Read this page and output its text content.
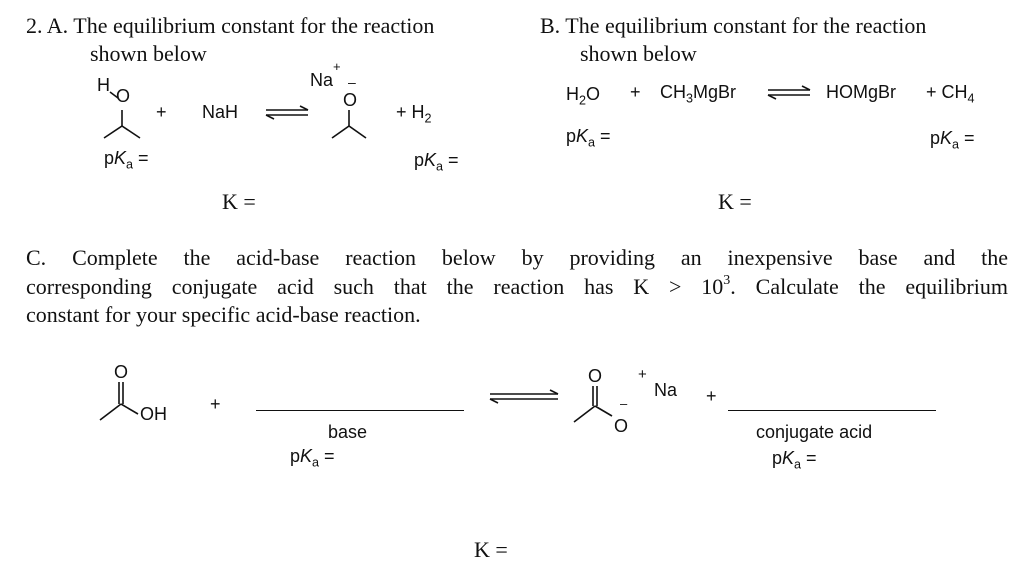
2. A. The equilibrium constant for the reaction
shown below
H
O
+ NaH
Na+
–
O
+ $H_2$
$pK_a$ =	$pK_a$ =
K =
B. The equilibrium constant for the reaction
shown below
$H_2O$ + $CH_3MgBr$	HOMgBr + $CH_4$
$pK_a$ =	$pK_a$ =
K =
C. Complete the acid-base reaction below by providing an inexpensive base and the
corresponding conjugate acid such that the reaction has $K > 10^3$. Calculate the equilibrium
constant for your specific acid-base reaction.
O
OH +
base
$pK_a$ =
O
–
O
+
Na +
conjugate acid
$pK_a$ =
K =
